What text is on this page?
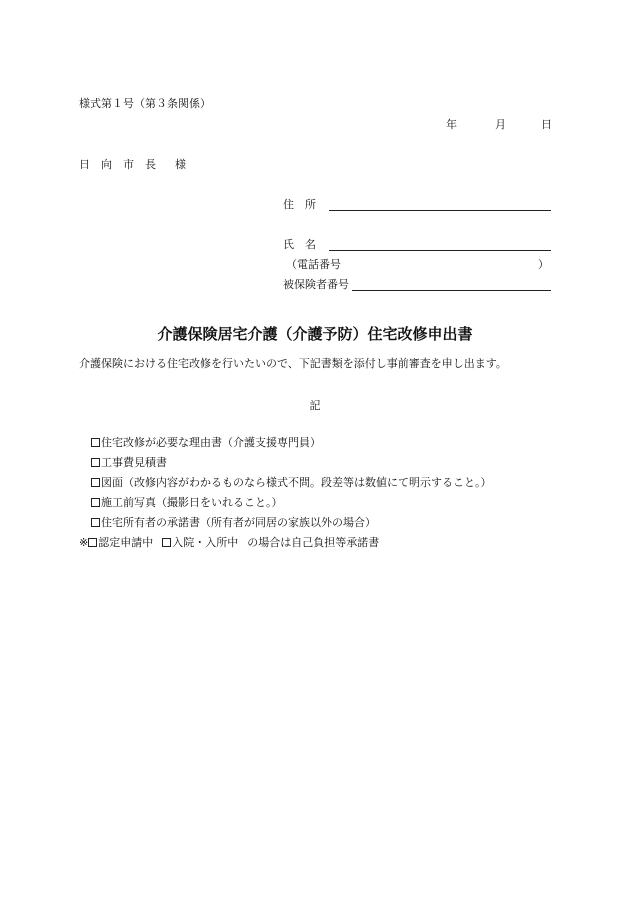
様式第１号（第３条関係）
年	月	日
日向市長 様
住　所
氏　名
（電話番号	）
被保険者番号
介護保険居宅介護（介護予防）住宅改修申出書
介護保険における住宅改修を行いたいので、下記書類を添付し事前審査を申し出ます。
記
住宅改修が必要な理由書（介護支援専門員）
工事費見積書
図面（改修内容がわかるものなら様式不問。段差等は数値にて明示すること。）
施工前写真（撮影日をいれること。）
住宅所有者の承諾書（所有者が同居の家族以外の場合）
※ 認定申請中 入院・入所中 の場合は自己負担等承諾書
